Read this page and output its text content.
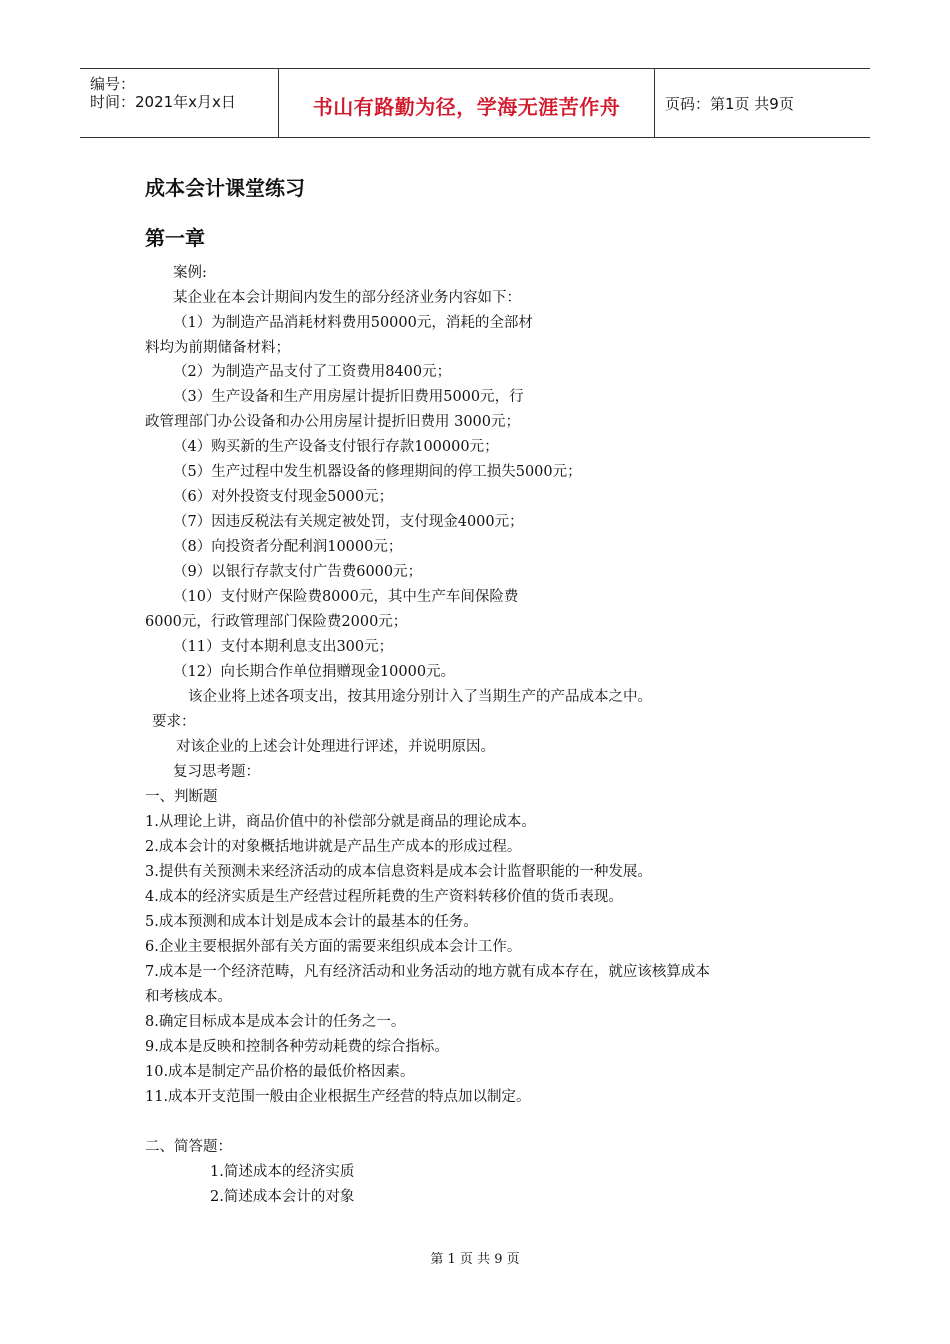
编号：
时间：2021年x月x日	书山有路勤为径，学海无涯苦作舟	页码：第1页 共9页
成本会计课堂练习
第一章
案例:
某企业在本会计期间内发生的部分经济业务内容如下：
（1）为制造产品消耗材料费用50000元，消耗的全部材
料均为前期储备材料；
（2）为制造产品支付了工资费用8400元；
（3）生产设备和生产用房屋计提折旧费用5000元，行
政管理部门办公设备和办公用房屋计提折旧费用 3000元；
（4）购买新的生产设备支付银行存款100000元；
（5）生产过程中发生机器设备的修理期间的停工损失5000元；
（6）对外投资支付现金5000元；
（7）因违反税法有关规定被处罚，支付现金4000元；
（8）向投资者分配利润10000元；
（9）以银行存款支付广告费6000元；
（10）支付财产保险费8000元，其中生产车间保险费
6000元，行政管理部门保险费2000元；
（11）支付本期利息支出300元；
（12）向长期合作单位捐赠现金10000元。
该企业将上述各项支出，按其用途分别计入了当期生产的产品成本之中。
要求：
对该企业的上述会计处理进行评述，并说明原因。
复习思考题：
一、判断题
1.从理论上讲，商品价值中的补偿部分就是商品的理论成本。
2.成本会计的对象概括地讲就是产品生产成本的形成过程。
3.提供有关预测未来经济活动的成本信息资料是成本会计监督职能的一种发展。
4.成本的经济实质是生产经营过程所耗费的生产资料转移价值的货币表现。
5.成本预测和成本计划是成本会计的最基本的任务。
6.企业主要根据外部有关方面的需要来组织成本会计工作。
7.成本是一个经济范畴，凡有经济活动和业务活动的地方就有成本存在，就应该核算成本
和考核成本。
8.确定目标成本是成本会计的任务之一。
9.成本是反映和控制各种劳动耗费的综合指标。
10.成本是制定产品价格的最低价格因素。
11.成本开支范围一般由企业根据生产经营的特点加以制定。
二、简答题：
1.简述成本的经济实质
2.简述成本会计的对象
第 1 页 共 9 页
